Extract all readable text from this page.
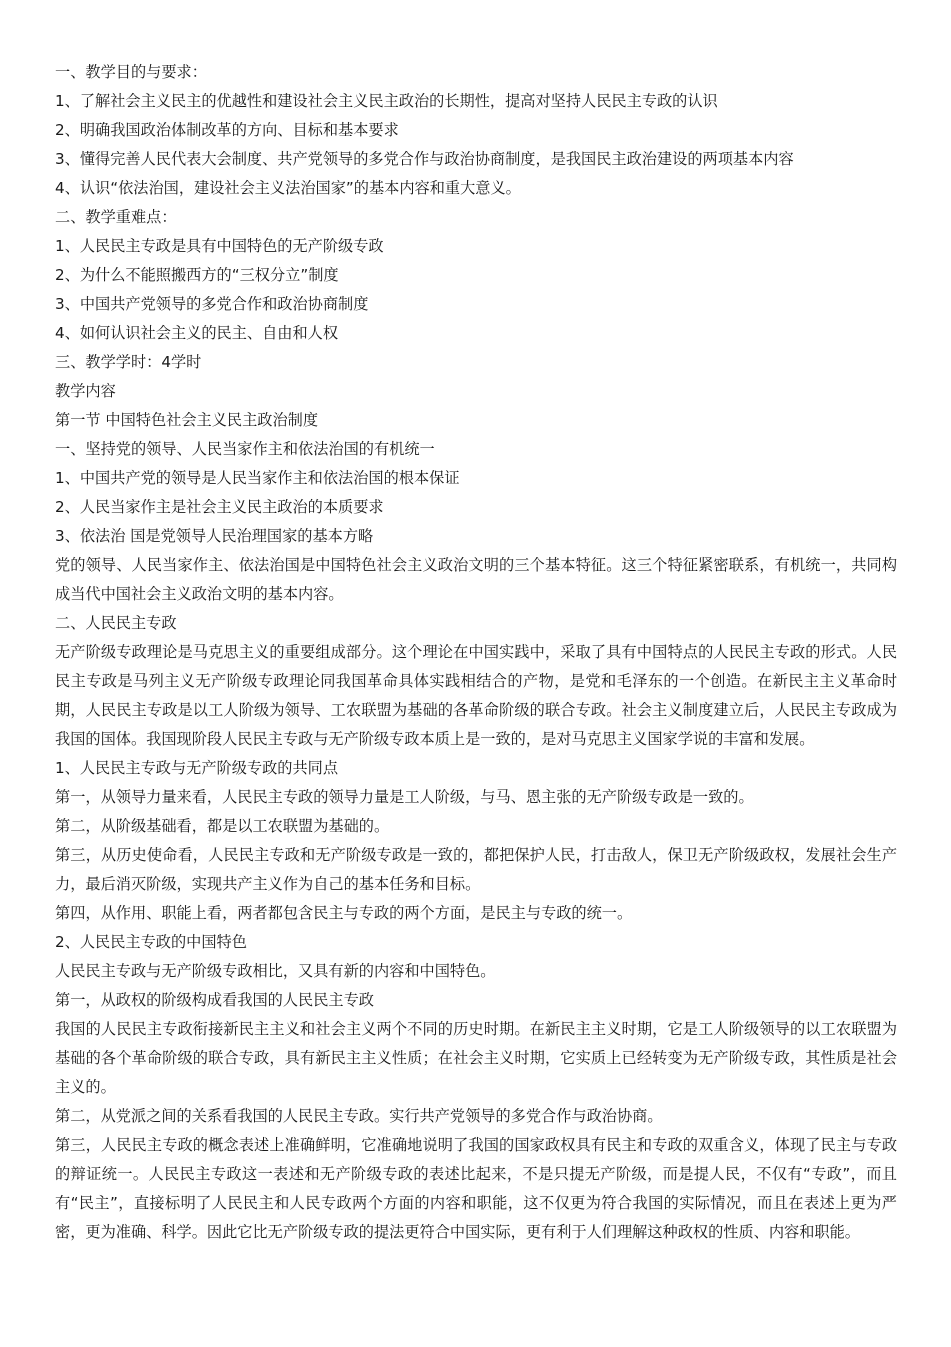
一、教学目的与要求：

1、了解社会主义民主的优越性和建设社会主义民主政治的长期性，提高对坚持人民民主专政的认识

2、明确我国政治体制改革的方向、目标和基本要求

3、懂得完善人民代表大会制度、共产党领导的多党合作与政治协商制度，是我国民主政治建设的两项基本内容

4、认识“依法治国，建设社会主义法治国家”的基本内容和重大意义。

二、教学重难点：

1、人民民主专政是具有中国特色的无产阶级专政

2、为什么不能照搬西方的“三权分立”制度

3、中国共产党领导的多党合作和政治协商制度

4、如何认识社会主义的民主、自由和人权

三、教学学时：4学时

教学内容

第一节 中国特色社会主义民主政治制度

一、坚持党的领导、人民当家作主和依法治国的有机统一

1、中国共产党的领导是人民当家作主和依法治国的根本保证

2、人民当家作主是社会主义民主政治的本质要求

3、依法治 国是党领导人民治理国家的基本方略

党的领导、人民当家作主、依法治国是中国特色社会主义政治文明的三个基本特征。这三个特征紧密联系，有机统一，共同构成当代中国社会主义政治文明的基本内容。

二、人民民主专政

无产阶级专政理论是马克思主义的重要组成部分。这个理论在中国实践中，采取了具有中国特点的人民民主专政的形式。人民民主专政是马列主义无产阶级专政理论同我国革命具体实践相结合的产物，是党和毛泽东的一个创造。在新民主主义革命时期，人民民主专政是以工人阶级为领导、工农联盟为基础的各革命阶级的联合专政。社会主义制度建立后，人民民主专政成为我国的国体。我国现阶段人民民主专政与无产阶级专政本质上是一致的，是对马克思主义国家学说的丰富和发展。

1、人民民主专政与无产阶级专政的共同点

第一，从领导力量来看，人民民主专政的领导力量是工人阶级，与马、恩主张的无产阶级专政是一致的。

第二，从阶级基础看，都是以工农联盟为基础的。

第三，从历史使命看，人民民主专政和无产阶级专政是一致的，都把保护人民，打击敌人，保卫无产阶级政权，发展社会生产力，最后消灭阶级，实现共产主义作为自己的基本任务和目标。

第四，从作用、职能上看，两者都包含民主与专政的两个方面，是民主与专政的统一。

2、人民民主专政的中国特色

人民民主专政与无产阶级专政相比，又具有新的内容和中国特色。

第一，从政权的阶级构成看我国的人民民主专政

我国的人民民主专政衔接新民主主义和社会主义两个不同的历史时期。在新民主主义时期，它是工人阶级领导的以工农联盟为基础的各个革命阶级的联合专政，具有新民主主义性质；在社会主义时期，它实质上已经转变为无产阶级专政，其性质是社会主义的。

第二，从党派之间的关系看我国的人民民主专政。实行共产党领导的多党合作与政治协商。

第三，人民民主专政的概念表述上准确鲜明，它准确地说明了我国的国家政权具有民主和专政的双重含义，体现了民主与专政的辩证统一。人民民主专政这一表述和无产阶级专政的表述比起来，不是只提无产阶级，而是提人民，不仅有“专政”，而且有“民主”，直接标明了人民民主和人民专政两个方面的内容和职能，这不仅更为符合我国的实际情况，而且在表述上更为严密，更为准确、科学。因此它比无产阶级专政的提法更符合中国实际，更有利于人们理解这种政权的性质、内容和职能。
